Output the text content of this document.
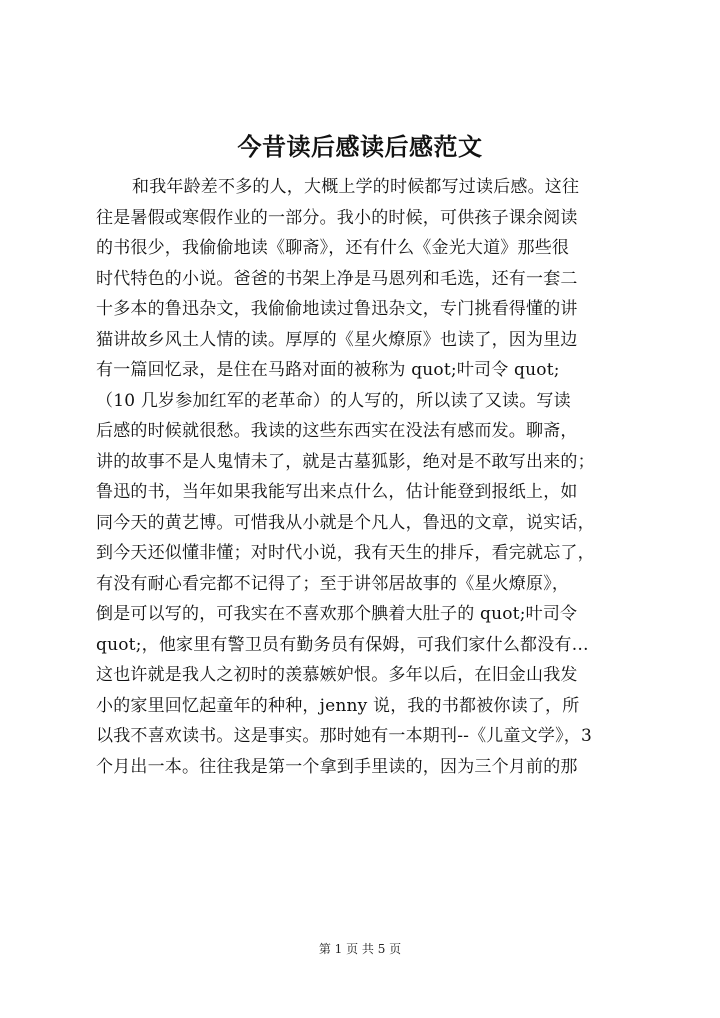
今昔读后感读后感范文
和我年龄差不多的人，大概上学的时候都写过读后感。这往
往是暑假或寒假作业的一部分。我小的时候，可供孩子课余阅读
的书很少，我偷偷地读《聊斋》，还有什么《金光大道》那些很
时代特色的小说。爸爸的书架上净是马恩列和毛选，还有一套二
十多本的鲁迅杂文，我偷偷地读过鲁迅杂文，专门挑看得懂的讲
猫讲故乡风土人情的读。厚厚的《星火燎原》也读了，因为里边
有一篇回忆录，是住在马路对面的被称为 quot;叶司令 quot;
（10 几岁参加红军的老革命）的人写的，所以读了又读。写读
后感的时候就很愁。我读的这些东西实在没法有感而发。聊斋，
讲的故事不是人鬼情未了，就是古墓狐影，绝对是不敢写出来的；
鲁迅的书，当年如果我能写出来点什么，估计能登到报纸上，如
同今天的黄艺博。可惜我从小就是个凡人，鲁迅的文章，说实话，
到今天还似懂非懂；对时代小说，我有天生的排斥，看完就忘了，
有没有耐心看完都不记得了；至于讲邻居故事的《星火燎原》，
倒是可以写的，可我实在不喜欢那个腆着大肚子的 quot;叶司令
quot;，他家里有警卫员有勤务员有保姆，可我们家什么都没有…
这也许就是我人之初时的羡慕嫉妒恨。多年以后，在旧金山我发
小的家里回忆起童年的种种，jenny 说，我的书都被你读了，所
以我不喜欢读书。这是事实。那时她有一本期刊--《儿童文学》，3
个月出一本。往往我是第一个拿到手里读的，因为三个月前的那
第 1 页 共 5 页
